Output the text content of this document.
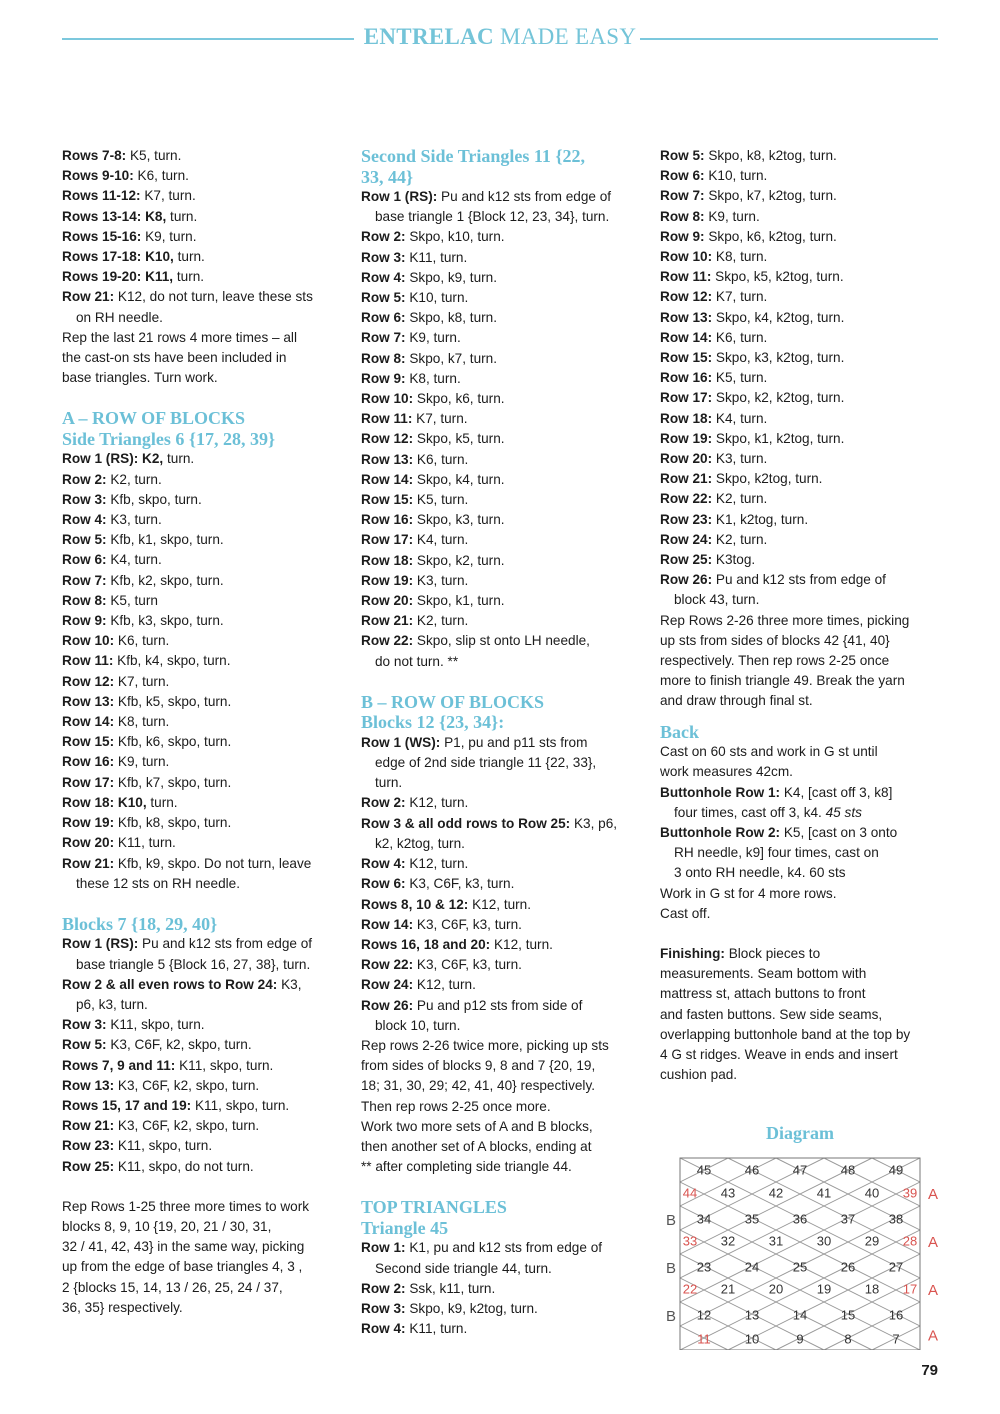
ENTRELAC MADE EASY
Rows 7-8: K5, turn.
Rows 9-10: K6, turn.
Rows 11-12: K7, turn.
Rows 13-14: K8, turn.
Rows 15-16: K9, turn.
Rows 17-18: K10, turn.
Rows 19-20: K11, turn.
Row 21: K12, do not turn, leave these sts
on RH needle.
Rep the last 21 rows 4 more times – all
the cast-on sts have been included in
base triangles. Turn work.
A – ROW OF BLOCKS
Side Triangles 6 {17, 28, 39}
Row 1 (RS): K2, turn.
Row 2: K2, turn.
Row 3: Kfb, skpo, turn.
Row 4: K3, turn.
Row 5: Kfb, k1, skpo, turn.
Row 6: K4, turn.
Row 7: Kfb, k2, skpo, turn.
Row 8: K5, turn
Row 9: Kfb, k3, skpo, turn.
Row 10: K6, turn.
Row 11: Kfb, k4, skpo, turn.
Row 12: K7, turn.
Row 13: Kfb, k5, skpo, turn.
Row 14: K8, turn.
Row 15: Kfb, k6, skpo, turn.
Row 16: K9, turn.
Row 17: Kfb, k7, skpo, turn.
Row 18: K10, turn.
Row 19: Kfb, k8, skpo, turn.
Row 20: K11, turn.
Row 21: Kfb, k9, skpo. Do not turn, leave
these 12 sts on RH needle.
Blocks 7 {18, 29, 40}
Row 1 (RS): Pu and k12 sts from edge of
base triangle 5 {Block 16, 27, 38}, turn.
Row 2 & all even rows to Row 24: K3,
p6, k3, turn.
Row 3: K11, skpo, turn.
Row 5: K3, C6F, k2, skpo, turn.
Rows 7, 9 and 11: K11, skpo, turn.
Row 13: K3, C6F, k2, skpo, turn.
Rows 15, 17 and 19: K11, skpo, turn.
Row 21: K3, C6F, k2, skpo, turn.
Row 23: K11, skpo, turn.
Row 25: K11, skpo, do not turn.
Rep Rows 1-25 three more times to work
blocks 8, 9, 10 {19, 20, 21 / 30, 31,
32 / 41, 42, 43} in the same way, picking
up from the edge of base triangles 4, 3 ,
2 {blocks 15, 14, 13 / 26, 25, 24 / 37,
36, 35} respectively.
Second Side Triangles 11 {22,
33, 44}
Row 1 (RS): Pu and k12 sts from edge of
base triangle 1 {Block 12, 23, 34}, turn.
Row 2: Skpo, k10, turn.
Row 3: K11, turn.
Row 4: Skpo, k9, turn.
Row 5: K10, turn.
Row 6: Skpo, k8, turn.
Row 7: K9, turn.
Row 8: Skpo, k7, turn.
Row 9: K8, turn.
Row 10: Skpo, k6, turn.
Row 11: K7, turn.
Row 12: Skpo, k5, turn.
Row 13: K6, turn.
Row 14: Skpo, k4, turn.
Row 15: K5, turn.
Row 16: Skpo, k3, turn.
Row 17: K4, turn.
Row 18: Skpo, k2, turn.
Row 19: K3, turn.
Row 20: Skpo, k1, turn.
Row 21: K2, turn.
Row 22: Skpo, slip st onto LH needle,
do not turn. **
B – ROW OF BLOCKS
Blocks 12 {23, 34}:
Row 1 (WS): P1, pu and p11 sts from
edge of 2nd side triangle 11 {22, 33},
turn.
Row 2: K12, turn.
Row 3 & all odd rows to Row 25: K3, p6,
k2, k2tog, turn.
Row 4: K12, turn.
Row 6: K3, C6F, k3, turn.
Rows 8, 10 & 12: K12, turn.
Row 14: K3, C6F, k3, turn.
Rows 16, 18 and 20: K12, turn.
Row 22: K3, C6F, k3, turn.
Row 24: K12, turn.
Row 26: Pu and p12 sts from side of
block 10, turn.
Rep rows 2-26 twice more, picking up sts
from sides of blocks 9, 8 and 7 {20, 19,
18; 31, 30, 29; 42, 41, 40} respectively.
Then rep rows 2-25 once more.
Work two more sets of A and B blocks,
then another set of A blocks, ending at
** after completing side triangle 44.
TOP TRIANGLES
Triangle 45
Row 1: K1, pu and k12 sts from edge of
Second side triangle 44, turn.
Row 2: Ssk, k11, turn.
Row 3: Skpo, k9, k2tog, turn.
Row 4: K11, turn.
Row 5: Skpo, k8, k2tog, turn.
Row 6: K10, turn.
Row 7: Skpo, k7, k2tog, turn.
Row 8: K9, turn.
Row 9: Skpo, k6, k2tog, turn.
Row 10: K8, turn.
Row 11: Skpo, k5, k2tog, turn.
Row 12: K7, turn.
Row 13: Skpo, k4, k2tog, turn.
Row 14: K6, turn.
Row 15: Skpo, k3, k2tog, turn.
Row 16: K5, turn.
Row 17: Skpo, k2, k2tog, turn.
Row 18: K4, turn.
Row 19: Skpo, k1, k2tog, turn.
Row 20: K3, turn.
Row 21: Skpo, k2tog, turn.
Row 22: K2, turn.
Row 23: K1, k2tog, turn.
Row 24: K2, turn.
Row 25: K3tog.
Row 26: Pu and k12 sts from edge of
block 43, turn.
Rep Rows 2-26 three more times, picking
up sts from sides of blocks 42 {41, 40}
respectively. Then rep rows 2-25 once
more to finish triangle 49. Break the yarn
and draw through final st.
Back
Cast on 60 sts and work in G st until
work measures 42cm.
Buttonhole Row 1: K4, [cast off 3, k8]
four times, cast off 3, k4. 45 sts
Buttonhole Row 2: K5, [cast on 3 onto
RH needle, k9] four times, cast on
3 onto RH needle, k4. 60 sts
Work in G st for 4 more rows.
Cast off.
Finishing: Block pieces to
measurements. Seam bottom with
mattress st, attach buttons to front
and fasten buttons. Sew side seams,
overlapping buttonhole band at the top by
4 G st ridges. Weave in ends and insert
cushion pad.
Diagram
45	46	47	48	49
44 43	42	41	40 39
34	35	36	37	38
33 32	31	30	29 28
23	24	25	26	27
22 21	20	19	18 17
12	13	14	15	16
11	10	9	8	7
A
A
A
A
B
B
B
79
